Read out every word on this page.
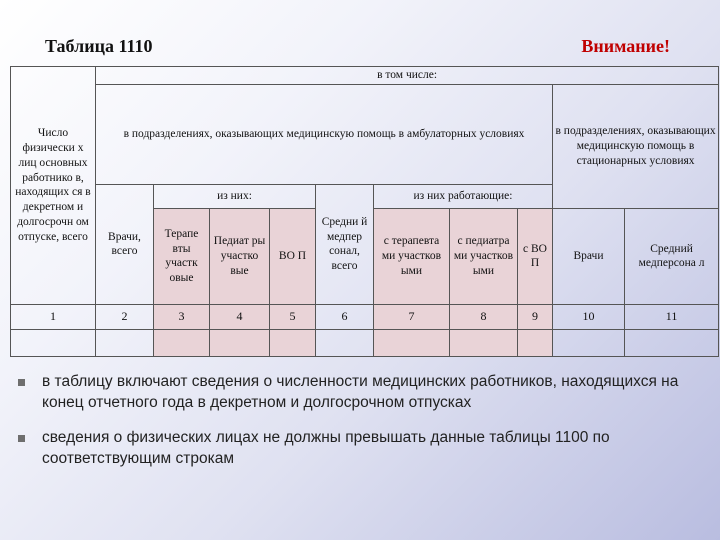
Таблица 1110	Внимание!
Число физически х лиц основных работнико в, находящих ся в декретном и долгосрочн ом отпуске, всего	в том числе:									
	в подразделениях, оказывающих медицинскую помощь в амбулаторных условиях								в подразделениях, оказывающих медицинскую помощь в стационарных условиях	
	Врачи, всего	из них:			Средни й медпер сонал, всего	из них работающие:				
		Терапе вты участк овые	Педиат ры участко вые	ВО П		с терапевта ми участков ыми	с педиатра ми участков ыми	с ВО П	Врачи	Средний медперсона л
1	2	3	4	5	6	7	8	9	10	11

в таблицу включают сведения о численности медицинских работников, находящихся на конец отчетного года в декретном и долгосрочном отпусках
сведения о физических лицах не должны превышать данные таблицы 1100 по соответствующим строкам
